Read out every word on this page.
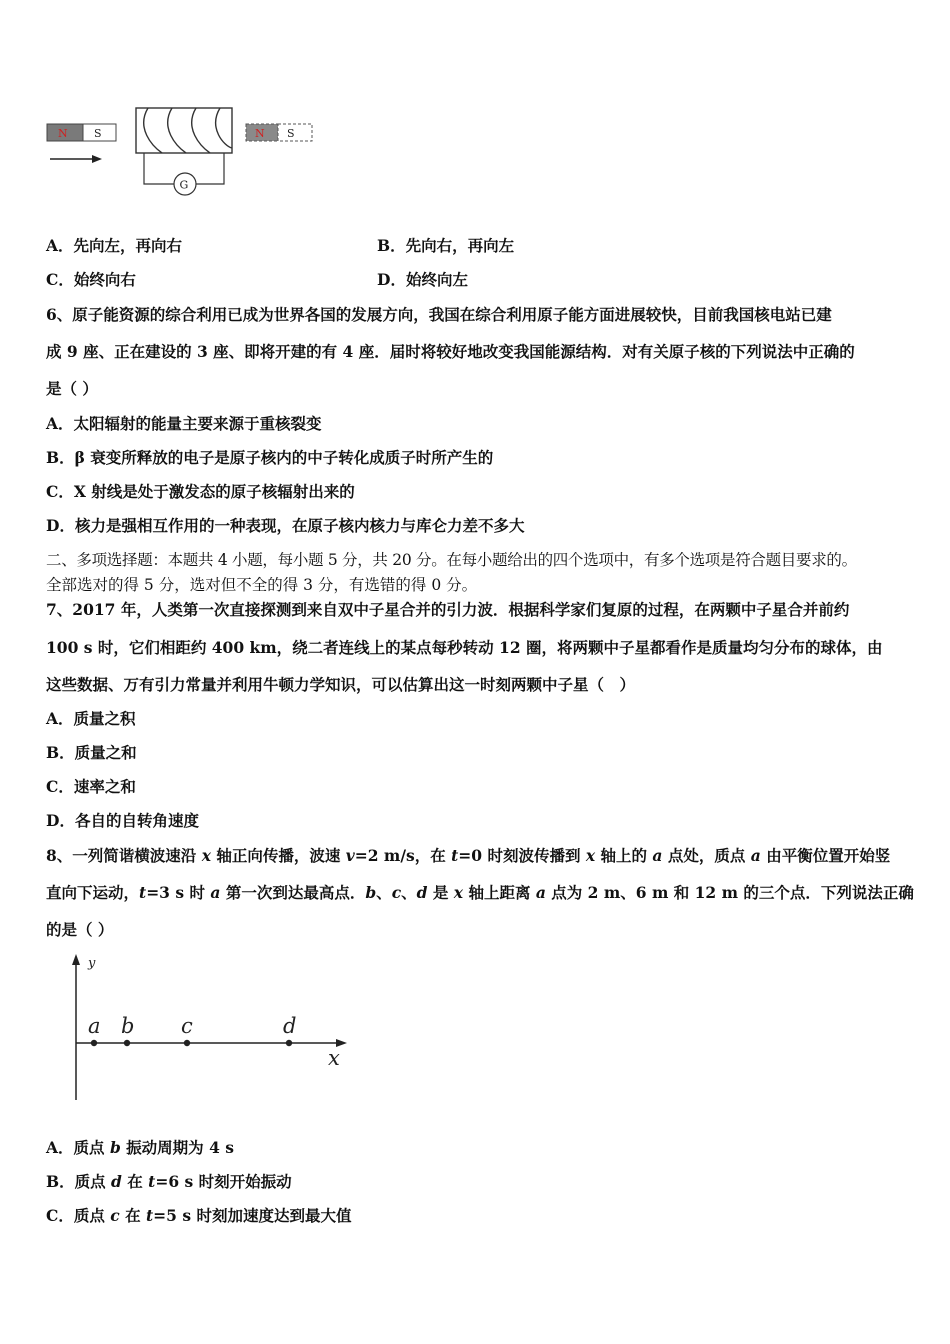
N S
G
N S
A．先向左，再向右	B．先向右，再向左
C．始终向右	D．始终向左
6、原子能资源的综合利用已成为世界各国的发展方向，我国在综合利用原子能方面进展较快，目前我国核电站已建
成 9 座、正在建设的 3 座、即将开建的有 4 座．届时将较好地改变我国能源结构．对有关原子核的下列说法中正确的
是（ ）
A．太阳辐射的能量主要来源于重核裂变
B．β 衰变所释放的电子是原子核内的中子转化成质子时所产生的
C．X 射线是处于激发态的原子核辐射出来的
D．核力是强相互作用的一种表现，在原子核内核力与库仑力差不多大
二、多项选择题：本题共 4 小题，每小题 5 分，共 20 分。在每小题给出的四个选项中，有多个选项是符合题目要求的。
全部选对的得 5 分，选对但不全的得 3 分，有选错的得 0 分。
7、2017 年，人类第一次直接探测到来自双中子星合并的引力波．根据科学家们复原的过程，在两颗中子星合并前约
100 s 时，它们相距约 400 km，绕二者连线上的某点每秒转动 12 圈，将两颗中子星都看作是质量均匀分布的球体，由
这些数据、万有引力常量并利用牛顿力学知识，可以估算出这一时刻两颗中子星（　）
A．质量之积
B．质量之和
C．速率之和
D．各自的自转角速度
8、一列简谐横波速沿 x 轴正向传播，波速 v=2 m/s，在 t=0 时刻波传播到 x 轴上的 a 点处，质点 a 由平衡位置开始竖
直向下运动，t=3 s 时 a 第一次到达最高点．b、c、d 是 x 轴上距离 a 点为 2 m、6 m 和 12 m 的三个点．下列说法正确
的是（ ）
y
x
a b c	d
A．质点 b 振动周期为 4 s
B．质点 d 在 t=6 s 时刻开始振动
C．质点 c 在 t=5 s 时刻加速度达到最大值
